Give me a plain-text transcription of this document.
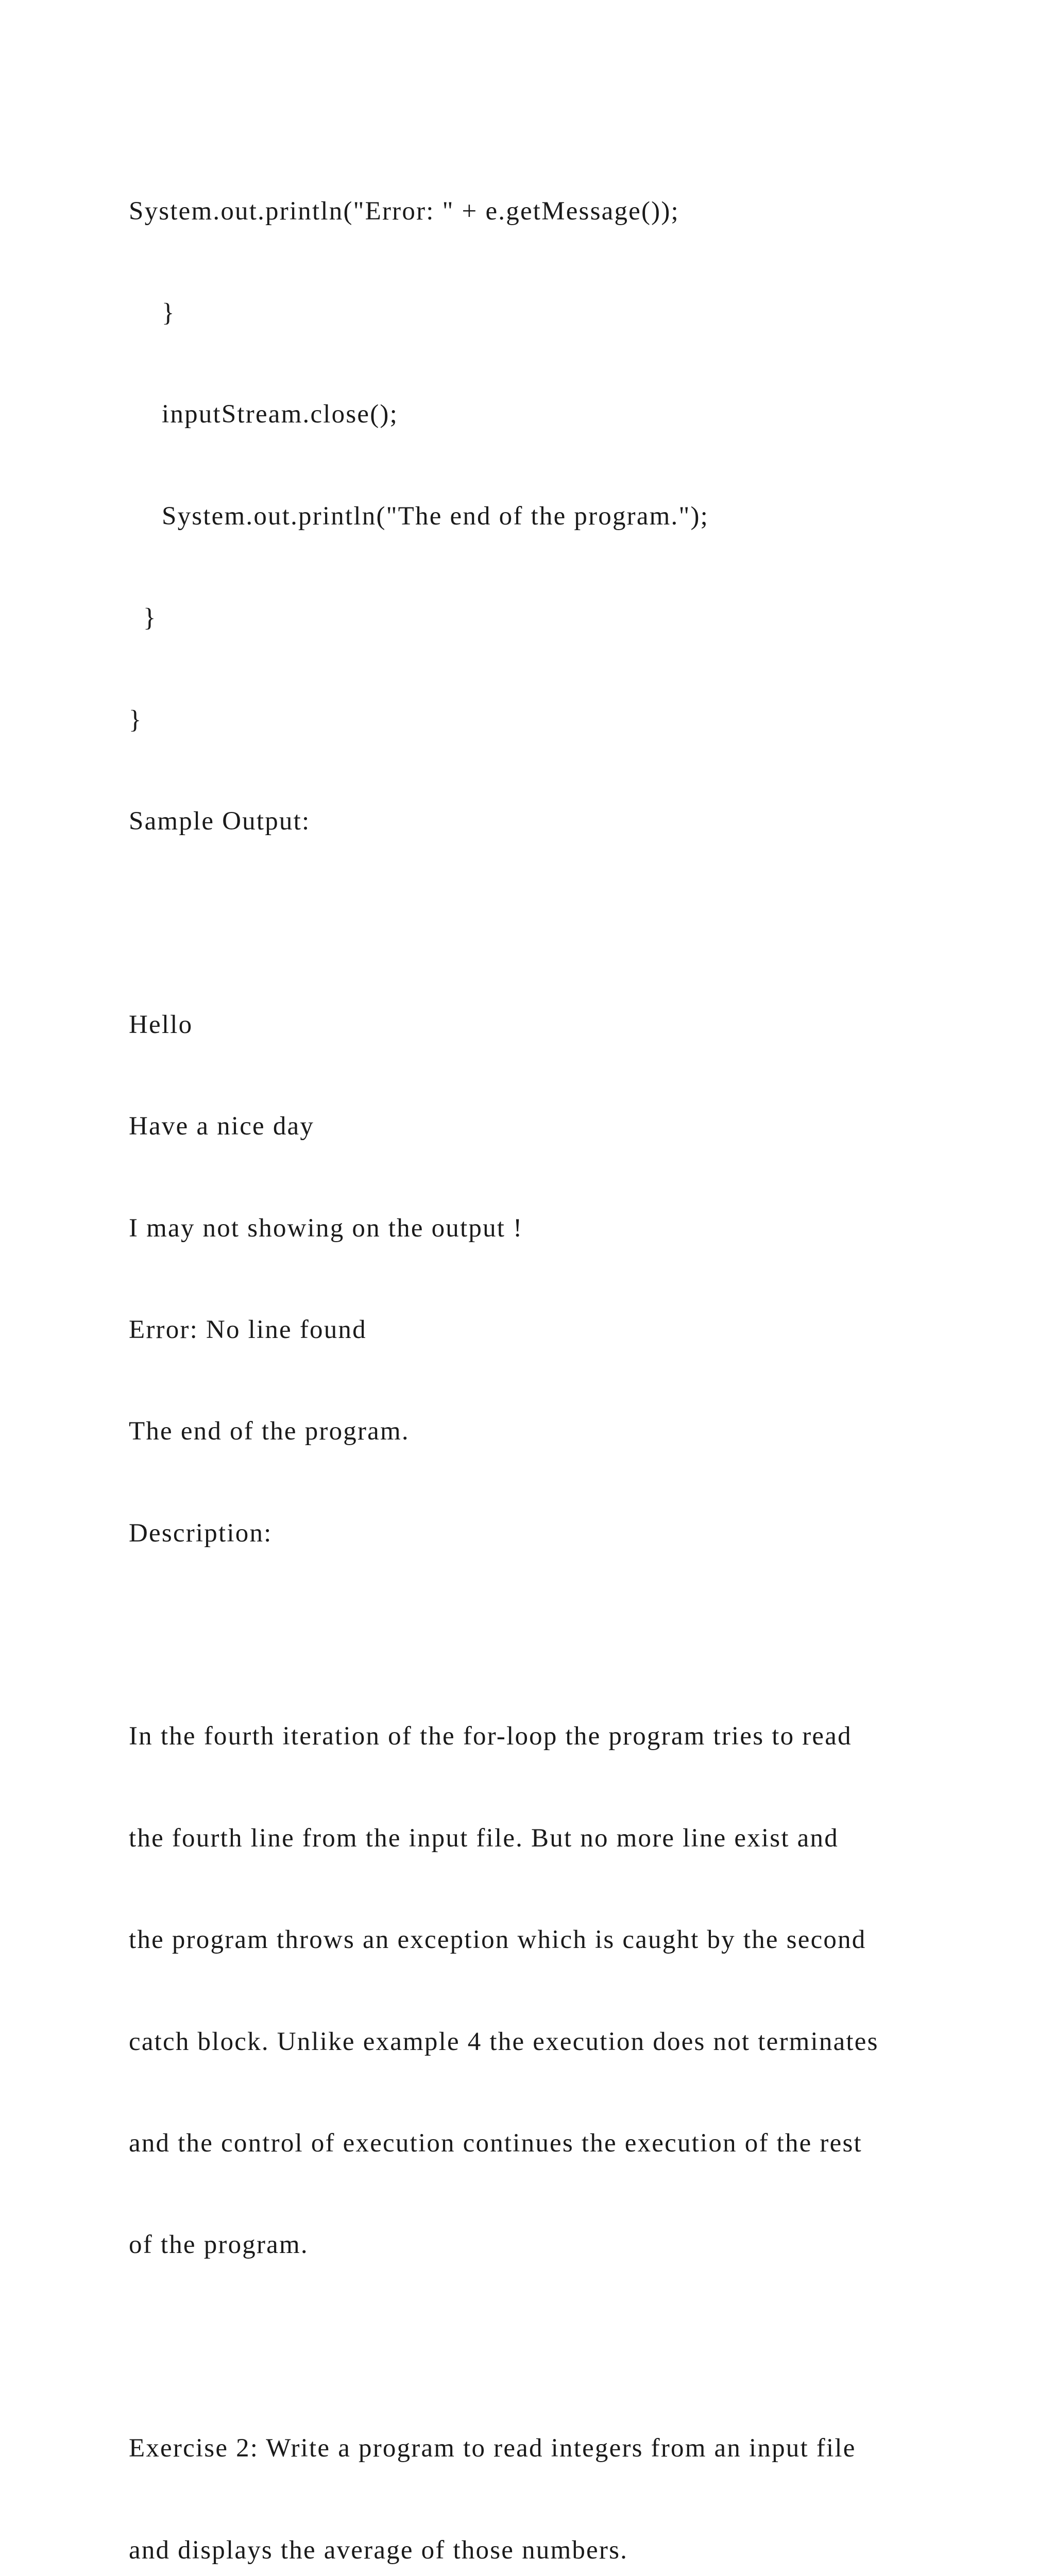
System.out.println("Error: " + e.getMessage());

}

inputStream.close();

System.out.println("The end of the program.");

}

}

Sample Output:

Hello

Have a nice day

I may not showing on the output !

Error: No line found

The end of the program.

Description:

In the fourth iteration of the for-loop the program tries to read

the fourth line from the input file. But no more line exist and

the program throws an exception which is caught by the second

catch block. Unlike example 4 the execution does not terminates

and the control of execution continues the execution of the rest

of the program.

Exercise 2: Write a program to read integers from an input file

and displays the average of those numbers.
